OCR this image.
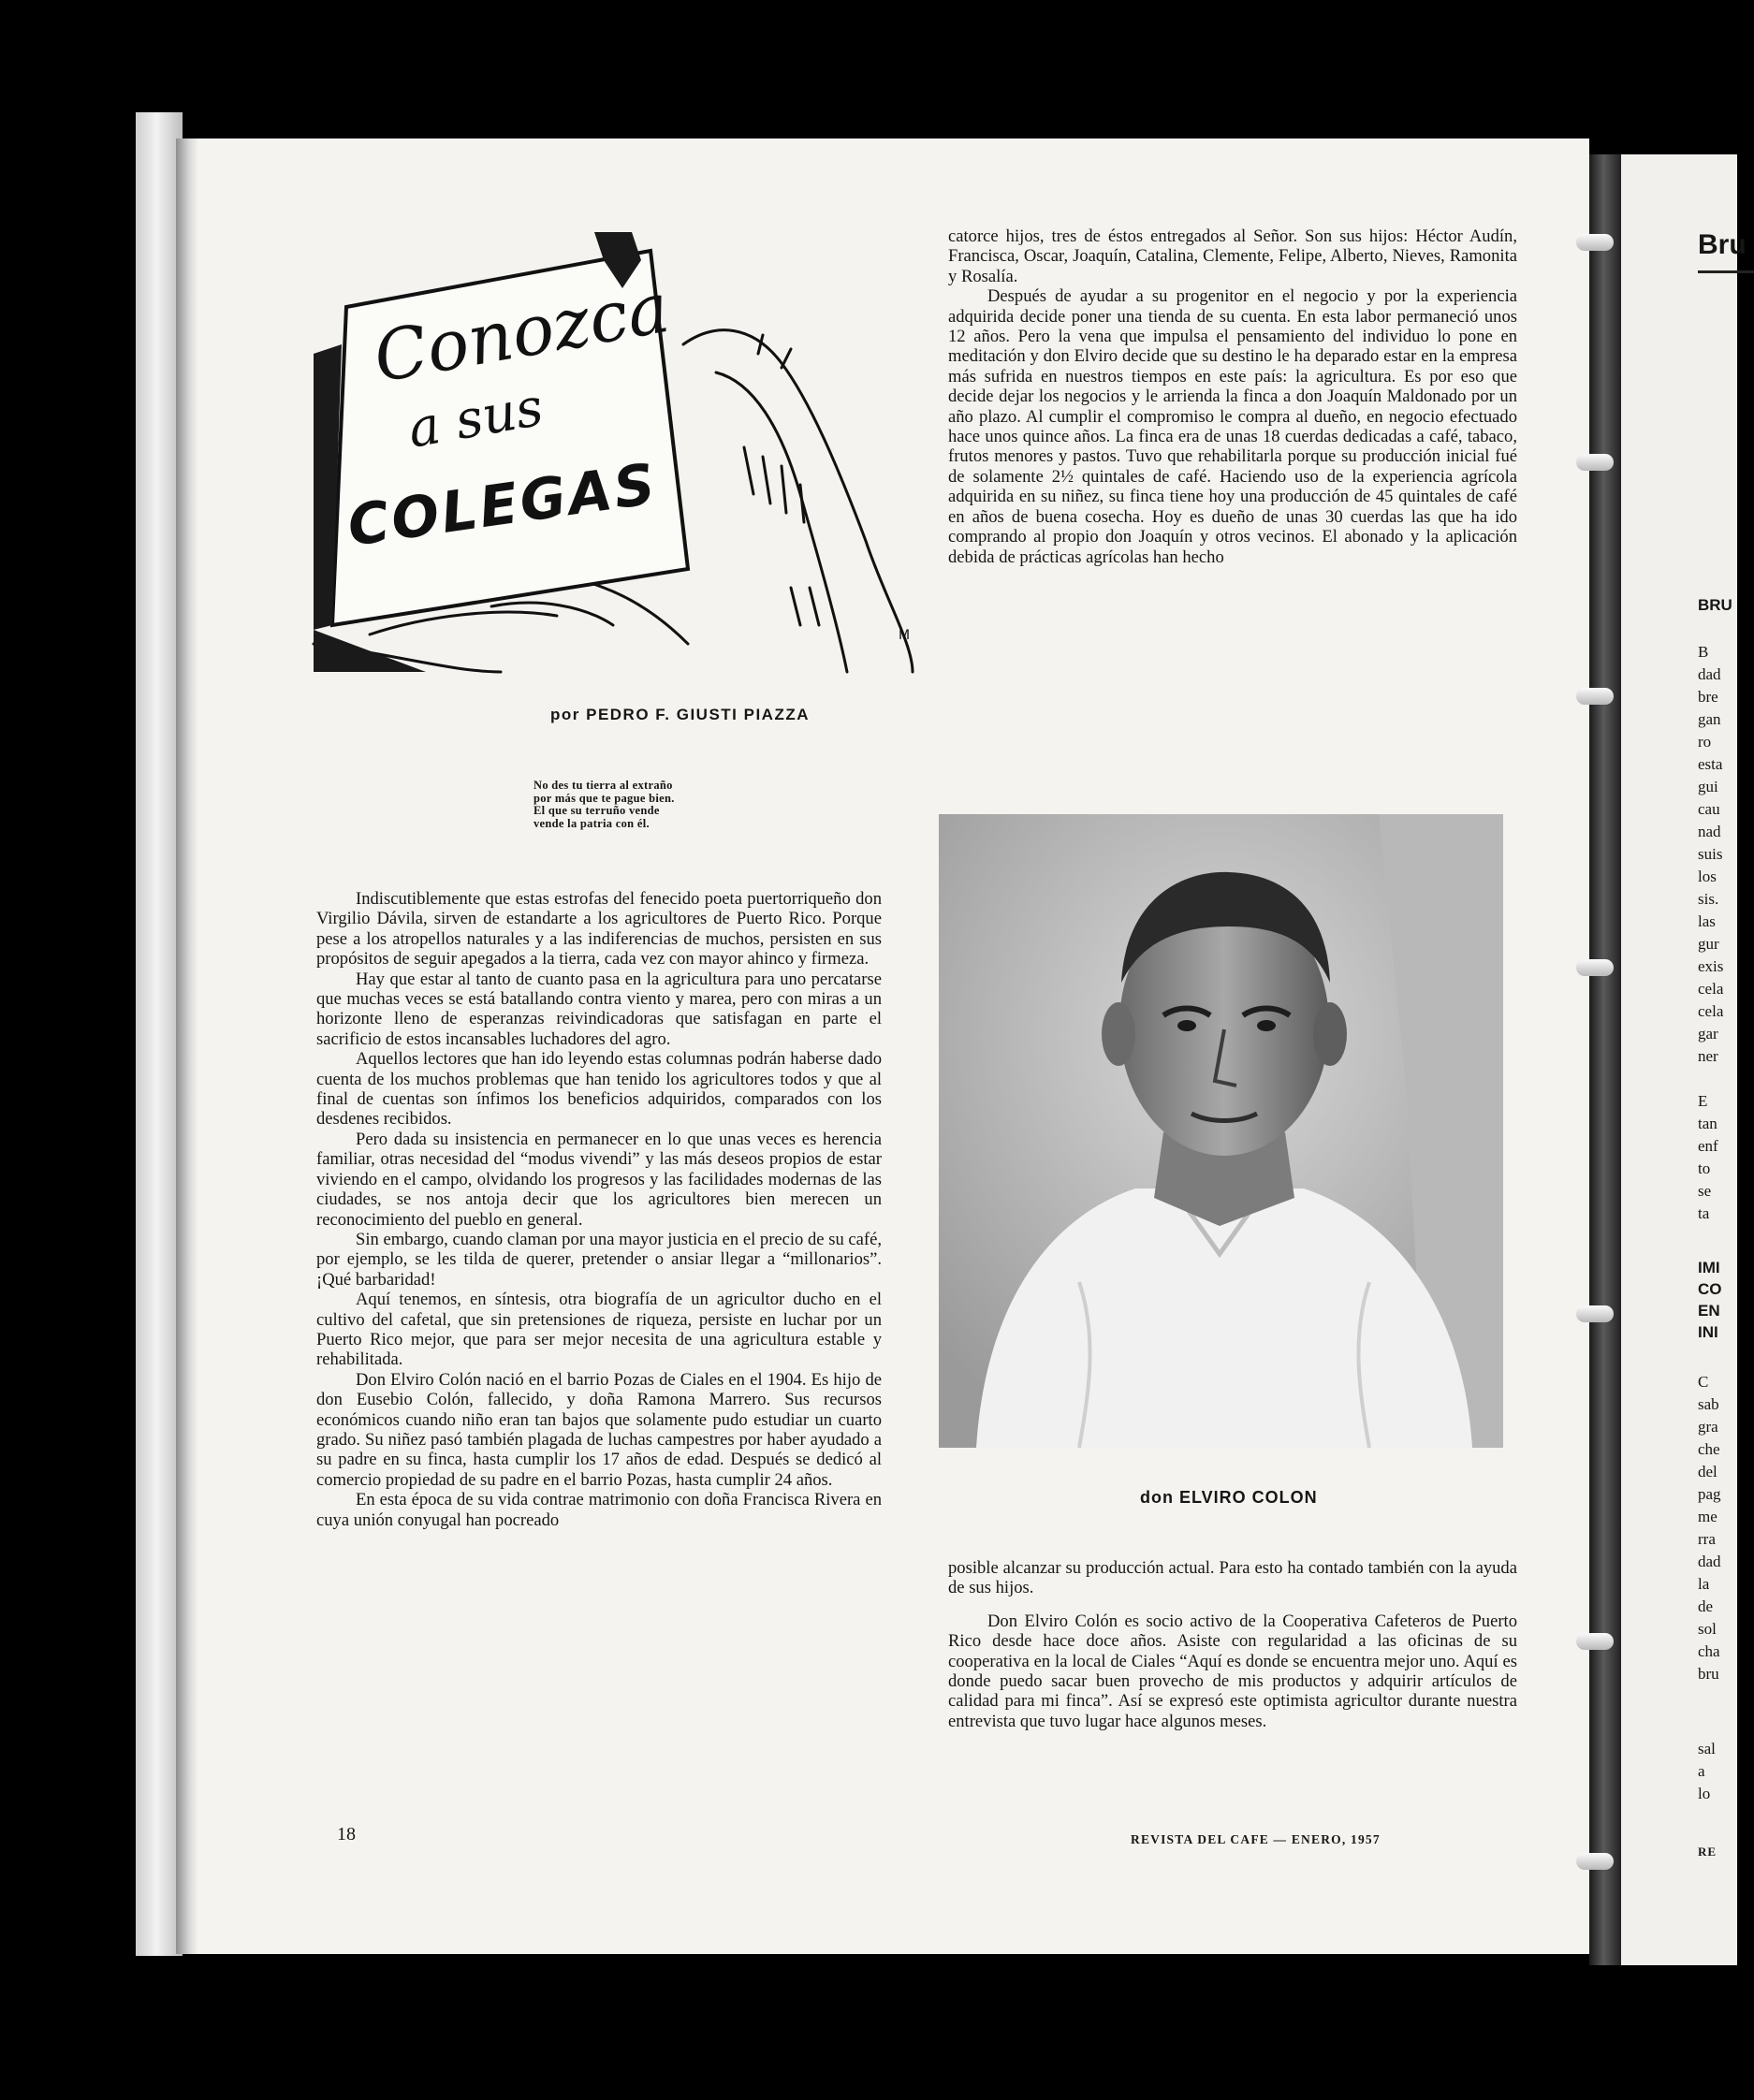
Conozca
a sus
COLEGAS
M
por PEDRO F. GIUSTI PIAZZA
No des tu tierra al extraño
por más que te pague bien.
El que su terruño vende
vende la patria con él.

Indiscutiblemente que estas estrofas del fenecido poeta puertorriqueño don Virgilio Dávila, sirven de estandarte a los agricultores de Puerto Rico. Porque pese a los atropellos naturales y a las indiferencias de muchos, persisten en sus propósitos de seguir apegados a la tierra, cada vez con mayor ahinco y firmeza.

Hay que estar al tanto de cuanto pasa en la agricultura para uno percatarse que muchas veces se está batallando contra viento y marea, pero con miras a un horizonte lleno de esperanzas reivindicadoras que satisfagan en parte el sacrificio de estos incansables luchadores del agro.

Aquellos lectores que han ido leyendo estas columnas podrán haberse dado cuenta de los muchos problemas que han tenido los agricultores todos y que al final de cuentas son ínfimos los beneficios adquiridos, comparados con los desdenes recibidos.

Pero dada su insistencia en permanecer en lo que unas veces es herencia familiar, otras necesidad del “modus vivendi” y las más deseos propios de estar viviendo en el campo, olvidando los progresos y las facilidades modernas de las ciudades, se nos antoja decir que los agricultores bien merecen un reconocimiento del pueblo en general.

Sin embargo, cuando claman por una mayor justicia en el precio de su café, por ejemplo, se les tilda de querer, pretender o ansiar llegar a “millonarios”. ¡Qué barbaridad!

Aquí tenemos, en síntesis, otra biografía de un agricultor ducho en el cultivo del cafetal, que sin pretensiones de riqueza, persiste en luchar por un Puerto Rico mejor, que para ser mejor necesita de una agricultura estable y rehabilitada.

Don Elviro Colón nació en el barrio Pozas de Ciales en el 1904. Es hijo de don Eusebio Colón, fallecido, y doña Ramona Marrero. Sus recursos económicos cuando niño eran tan bajos que solamente pudo estudiar un cuarto grado. Su niñez pasó también plagada de luchas campestres por haber ayudado a su padre en su finca, hasta cumplir los 17 años de edad. Después se dedicó al comercio propiedad de su padre en el barrio Pozas, hasta cumplir 24 años.

En esta época de su vida contrae matrimonio con doña Francisca Rivera en cuya unión conyugal han pocreado

catorce hijos, tres de éstos entregados al Señor. Son sus hijos: Héctor Audín, Francisca, Oscar, Joaquín, Catalina, Clemente, Felipe, Alberto, Nieves, Ramonita y Rosalía.

Después de ayudar a su progenitor en el negocio y por la experiencia adquirida decide poner una tienda de su cuenta. En esta labor permaneció unos 12 años. Pero la vena que impulsa el pensamiento del individuo lo pone en meditación y don Elviro decide que su destino le ha deparado estar en la empresa más sufrida en nuestros tiempos en este país: la agricultura. Es por eso que decide dejar los negocios y le arrienda la finca a don Joaquín Maldonado por un año plazo. Al cumplir el compromiso le compra al dueño, en negocio efectuado hace unos quince años. La finca era de unas 18 cuerdas dedicadas a café, tabaco, frutos menores y pastos. Tuvo que rehabilitarla porque su producción inicial fué de solamente 2½ quintales de café. Haciendo uso de la experiencia agrícola adquirida en su niñez, su finca tiene hoy una producción de 45 quintales de café en años de buena cosecha. Hoy es dueño de unas 30 cuerdas las que ha ido comprando al propio don Joaquín y otros vecinos. El abonado y la aplicación debida de prácticas agrícolas han hecho

don ELVIRO COLON

posible alcanzar su producción actual. Para esto ha contado también con la ayuda de sus hijos.

Don Elviro Colón es socio activo de la Cooperativa Cafeteros de Puerto Rico desde hace doce años. Asiste con regularidad a las oficinas de su cooperativa en la local de Ciales “Aquí es donde se encuentra mejor uno. Aquí es donde puedo sacar buen provecho de mis productos y adquirir artículos de calidad para mi finca”. Así se expresó este optimista agricultor durante nuestra entrevista que tuvo lugar hace algunos meses.

18	REVISTA DEL CAFE — ENERO, 1957
Bru
BRU
B
dad
bre
gan
ro
esta
gui
cau
nad
suis
los
sis.
las
gur
exis
cela
cela
gar
ner
E
tan
enf
to
se
ta
IMI
CO
EN
INI
C
sab
gra
che
del
pag
me
rra
dad
la
de
sol
cha
bru
sal
a
lo
RE
